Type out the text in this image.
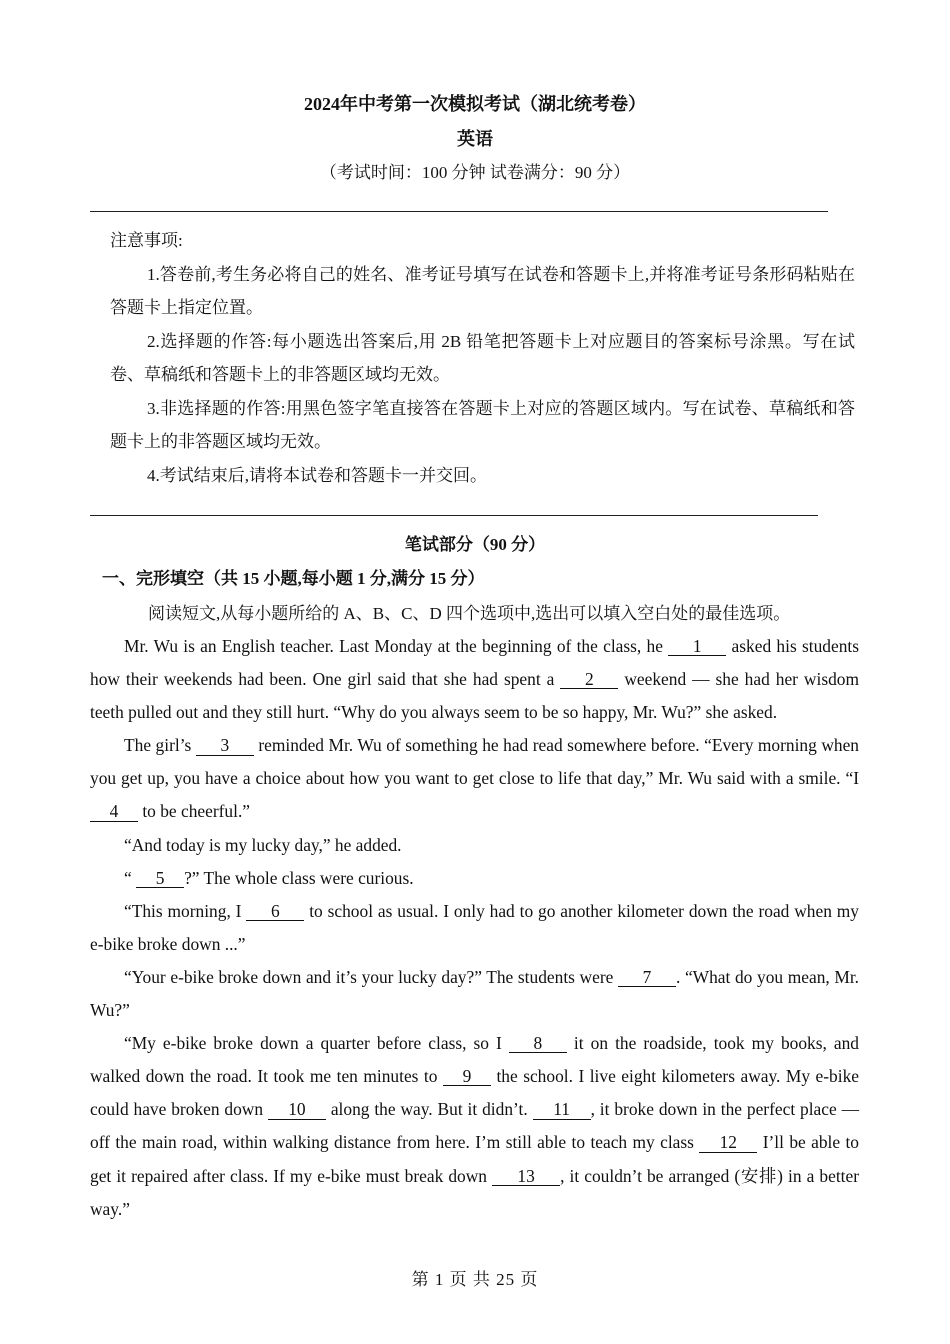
2024年中考第一次模拟考试（湖北统考卷）
英语
（考试时间：100 分钟 试卷满分：90 分）

注意事项:

1.答卷前,考生务必将自己的姓名、准考证号填写在试卷和答题卡上,并将准考证号条形码粘贴在答题卡上指定位置。

2.选择题的作答:每小题选出答案后,用 2B 铅笔把答题卡上对应题目的答案标号涂黑。写在试卷、草稿纸和答题卡上的非答题区域均无效。

3.非选择题的作答:用黑色签字笔直接答在答题卡上对应的答题区域内。写在试卷、草稿纸和答题卡上的非答题区域均无效。

4.考试结束后,请将本试卷和答题卡一并交回。

笔试部分（90 分）
一、完形填空（共 15 小题,每小题 1 分,满分 15 分）
阅读短文,从每小题所给的 A、B、C、D 四个选项中,选出可以填入空白处的最佳选项。

Mr. Wu is an English teacher. Last Monday at the beginning of the class, he 1 asked his students how their weekends had been. One girl said that she had spent a 2 weekend — she had her wisdom teeth pulled out and they still hurt. “Why do you always seem to be so happy, Mr. Wu?” she asked.

The girl’s 3 reminded Mr. Wu of something he had read somewhere before. “Every morning when you get up, you have a choice about how you want to get close to life that day,” Mr. Wu said with a smile. “I 4 to be cheerful.”

“And today is my lucky day,” he added.

“ 5 ?” The whole class were curious.

“This morning, I 6 to school as usual. I only had to go another kilometer down the road when my e-bike broke down ...”

“Your e-bike broke down and it’s your lucky day?” The students were 7 . “What do you mean, Mr. Wu?”

“My e-bike broke down a quarter before class, so I 8 it on the roadside, took my books, and walked down the road. It took me ten minutes to 9 the school. I live eight kilometers away. My e-bike could have broken down 10 along the way. But it didn’t. 11 , it broke down in the perfect place — off the main road, within walking distance from here. I’m still able to teach my class 12 I’ll be able to get it repaired after class. If my e-bike must break down 13 , it couldn’t be arranged (安排) in a better way.”

第 1 页 共 25 页
